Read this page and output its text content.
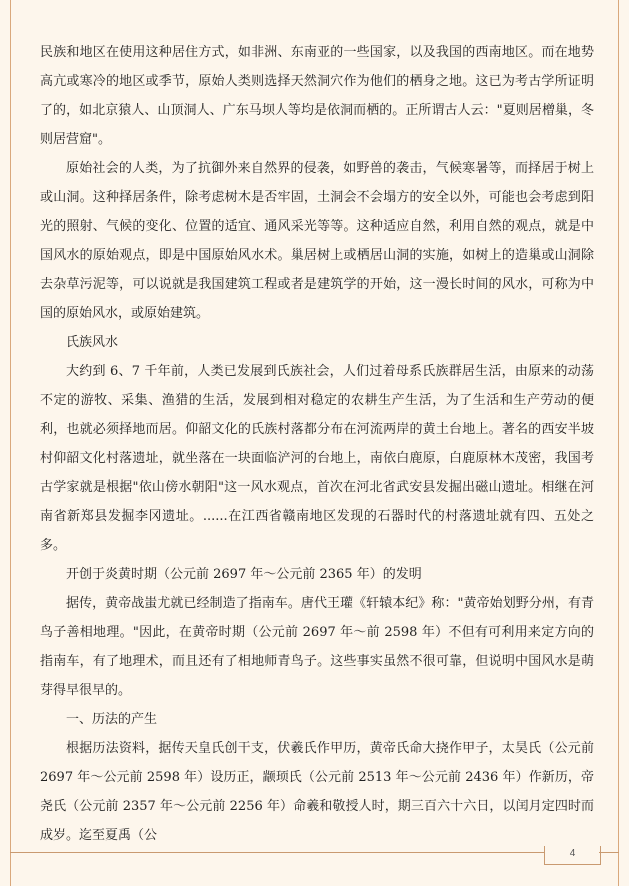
民族和地区在使用这种居住方式，如非洲、东南亚的一些国家，以及我国的西南地区。而在地势高亢或寒冷的地区或季节，原始人类则选择天然洞穴作为他们的栖身之地。这已为考古学所证明了的，如北京猿人、山顶洞人、广东马坝人等均是依洞而栖的。正所谓古人云："夏则居橧巢，冬则居营窟"。

原始社会的人类，为了抗御外来自然界的侵袭，如野兽的袭击，气候寒暑等，而择居于树上或山洞。这种择居条件，除考虑树木是否牢固，土洞会不会塌方的安全以外，可能也会考虑到阳光的照射、气候的变化、位置的适宜、通风采光等等。这种适应自然，利用自然的观点，就是中国风水的原始观点，即是中国原始风水术。巢居树上或栖居山洞的实施，如树上的造巢或山洞除去杂草污泥等，可以说就是我国建筑工程或者是建筑学的开始，这一漫长时间的风水，可称为中国的原始风水，或原始建筑。

氏族风水

大约到 6、7 千年前，人类已发展到氏族社会，人们过着母系氏族群居生活，由原来的动荡不定的游牧、采集、渔猎的生活，发展到相对稳定的农耕生产生活，为了生活和生产劳动的便利，也就必须择地而居。仰韶文化的氏族村落都分布在河流两岸的黄土台地上。著名的西安半坡村仰韶文化村落遗址，就坐落在一块面临浐河的台地上，南依白鹿原，白鹿原林木茂密，我国考古学家就是根据"依山傍水朝阳"这一风水观点，首次在河北省武安县发掘出磁山遗址。相继在河南省新郑县发掘李冈遗址。......在江西省赣南地区发现的石器时代的村落遗址就有四、五处之多。

开创于炎黄时期（公元前 2697 年～公元前 2365 年）的发明

据传，黄帝战蚩尤就已经制造了指南车。唐代王瓘《轩辕本纪》称："黄帝始划野分州，有青鸟子善相地理。"因此，在黄帝时期（公元前 2697 年～前 2598 年）不但有可利用来定方向的指南车，有了地理术，而且还有了相地师青鸟子。这些事实虽然不很可靠，但说明中国风水是萌芽得早很早的。

一、历法的产生

根据历法资料，据传天皇氏创干支，伏羲氏作甲历，黄帝氏命大挠作甲子，太昊氏（公元前 2697 年～公元前 2598 年）设历正，颛顼氏（公元前 2513 年～公元前 2436 年）作新历，帝尧氏（公元前 2357 年～公元前 2256 年）命羲和敬授人时，期三百六十六日，以闰月定四时而成岁。迄至夏禹（公

4
